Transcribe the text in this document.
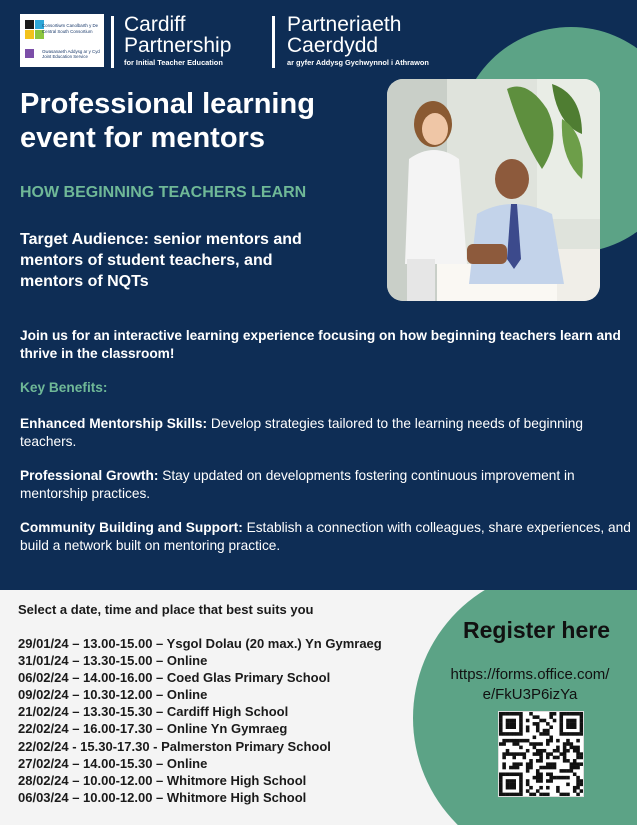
Consortiwm Canolbarth y De
Central South Consortium
Gwasanaeth Addysg ar y Cyd
Joint Education Service
Cardiff
Partnership
for Initial Teacher Education
Partneriaeth
Caerdydd
ar gyfer Addysg Gychwynnol i Athrawon
Professional learning
event for mentors
HOW BEGINNING TEACHERS LEARN
Target Audience: senior mentors and
mentors of student teachers, and
mentors of NQTs
Join us for an interactive learning experience focusing on how beginning teachers learn and thrive in the classroom!
Key Benefits:
Enhanced Mentorship Skills: Develop strategies tailored to the learning needs of beginning teachers.
Professional Growth: Stay updated on developments fostering continuous improvement in mentorship practices.
Community Building and Support: Establish a connection with colleagues, share experiences, and build a network built on mentoring practice.
Select a date, time and place that best suits you
29/01/24 – 13.00-15.00 – Ysgol Dolau (20 max.) Yn Gymraeg
31/01/24 – 13.30-15.00 – Online
06/02/24 – 14.00-16.00 – Coed Glas Primary School
09/02/24 – 10.30-12.00 – Online
21/02/24 – 13.30-15.30 – Cardiff High School
22/02/24 – 16.00-17.30 – Online Yn Gymraeg
22/02/24 - 15.30-17.30 - Palmerston Primary School
27/02/24 – 14.00-15.30 – Online
28/02/24 – 10.00-12.00 – Whitmore High School
06/03/24 – 10.00-12.00 – Whitmore High School
Register here
https://forms.office.com/
e/FkU3P6izYa
